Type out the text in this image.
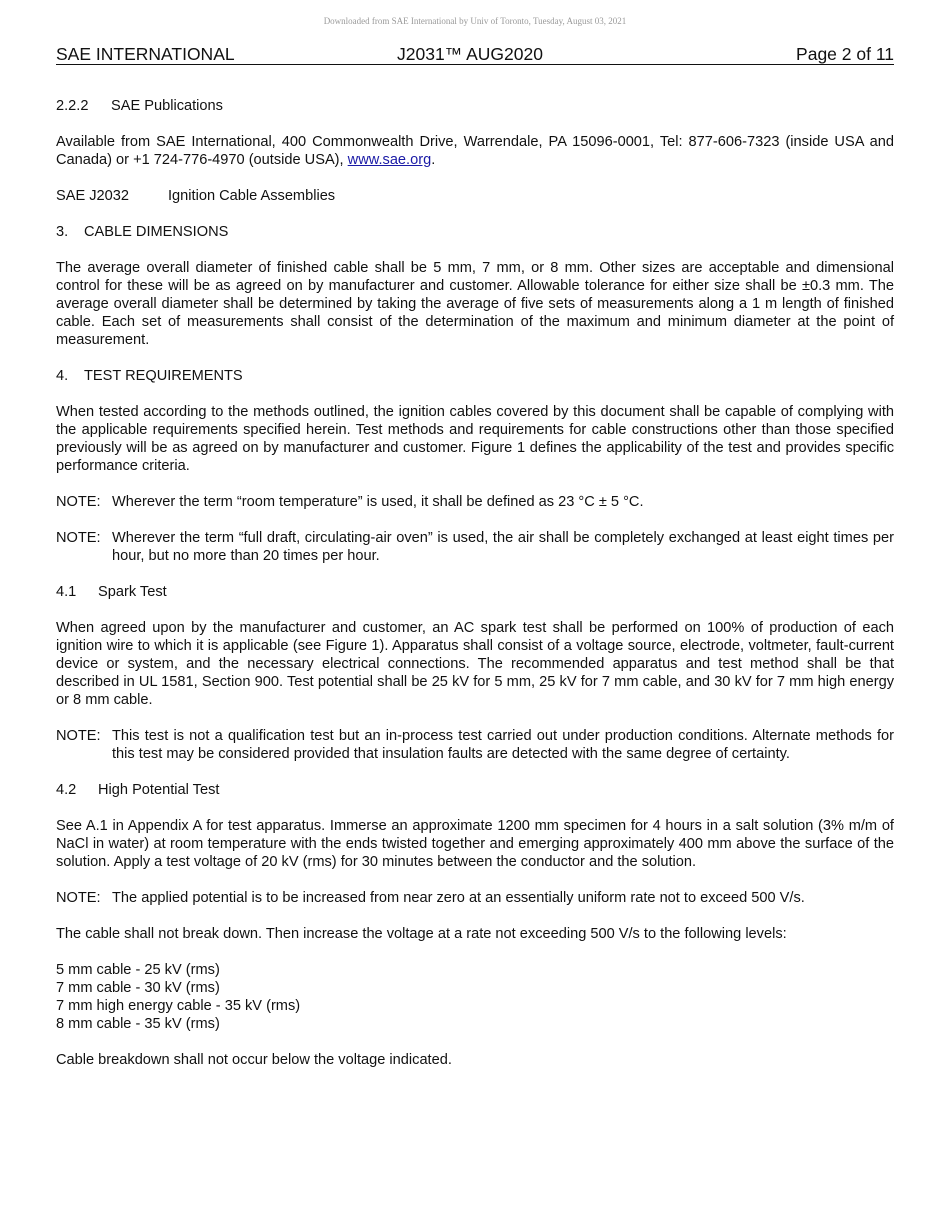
Downloaded from SAE International by Univ of Toronto, Tuesday, August 03, 2021
SAE INTERNATIONAL	J2031™ AUG2020	Page 2 of 11

2.2.2 SAE Publications

Available from SAE International, 400 Commonwealth Drive, Warrendale, PA 15096-0001, Tel: 877-606-7323 (inside USA and Canada) or +1 724-776-4970 (outside USA), www.sae.org.

SAE J2032	Ignition Cable Assemblies

3. CABLE DIMENSIONS

The average overall diameter of finished cable shall be 5 mm, 7 mm, or 8 mm. Other sizes are acceptable and dimensional control for these will be as agreed on by manufacturer and customer. Allowable tolerance for either size shall be ±0.3 mm. The average overall diameter shall be determined by taking the average of five sets of measurements along a 1 m length of finished cable. Each set of measurements shall consist of the determination of the maximum and minimum diameter at the point of measurement.

4. TEST REQUIREMENTS

When tested according to the methods outlined, the ignition cables covered by this document shall be capable of complying with the applicable requirements specified herein. Test methods and requirements for cable constructions other than those specified previously will be as agreed on by manufacturer and customer. Figure 1 defines the applicability of the test and provides specific performance criteria.

NOTE: Wherever the term “room temperature” is used, it shall be defined as 23 °C ± 5 °C.
NOTE: Wherever the term “full draft, circulating-air oven” is used, the air shall be completely exchanged at least eight times per hour, but no more than 20 times per hour.

4.1 Spark Test

When agreed upon by the manufacturer and customer, an AC spark test shall be performed on 100% of production of each ignition wire to which it is applicable (see Figure 1). Apparatus shall consist of a voltage source, electrode, voltmeter, fault-current device or system, and the necessary electrical connections. The recommended apparatus and test method shall be that described in UL 1581, Section 900. Test potential shall be 25 kV for 5 mm, 25 kV for 7 mm cable, and 30 kV for 7 mm high energy or 8 mm cable.

NOTE: This test is not a qualification test but an in-process test carried out under production conditions. Alternate methods for this test may be considered provided that insulation faults are detected with the same degree of certainty.

4.2 High Potential Test

See A.1 in Appendix A for test apparatus. Immerse an approximate 1200 mm specimen for 4 hours in a salt solution (3% m/m of NaCl in water) at room temperature with the ends twisted together and emerging approximately 400 mm above the surface of the solution. Apply a test voltage of 20 kV (rms) for 30 minutes between the conductor and the solution.

NOTE: The applied potential is to be increased from near zero at an essentially uniform rate not to exceed 500 V/s.

The cable shall not break down. Then increase the voltage at a rate not exceeding 500 V/s to the following levels:

5 mm cable - 25 kV (rms)
7 mm cable - 30 kV (rms)
7 mm high energy cable - 35 kV (rms)
8 mm cable - 35 kV (rms)

Cable breakdown shall not occur below the voltage indicated.
